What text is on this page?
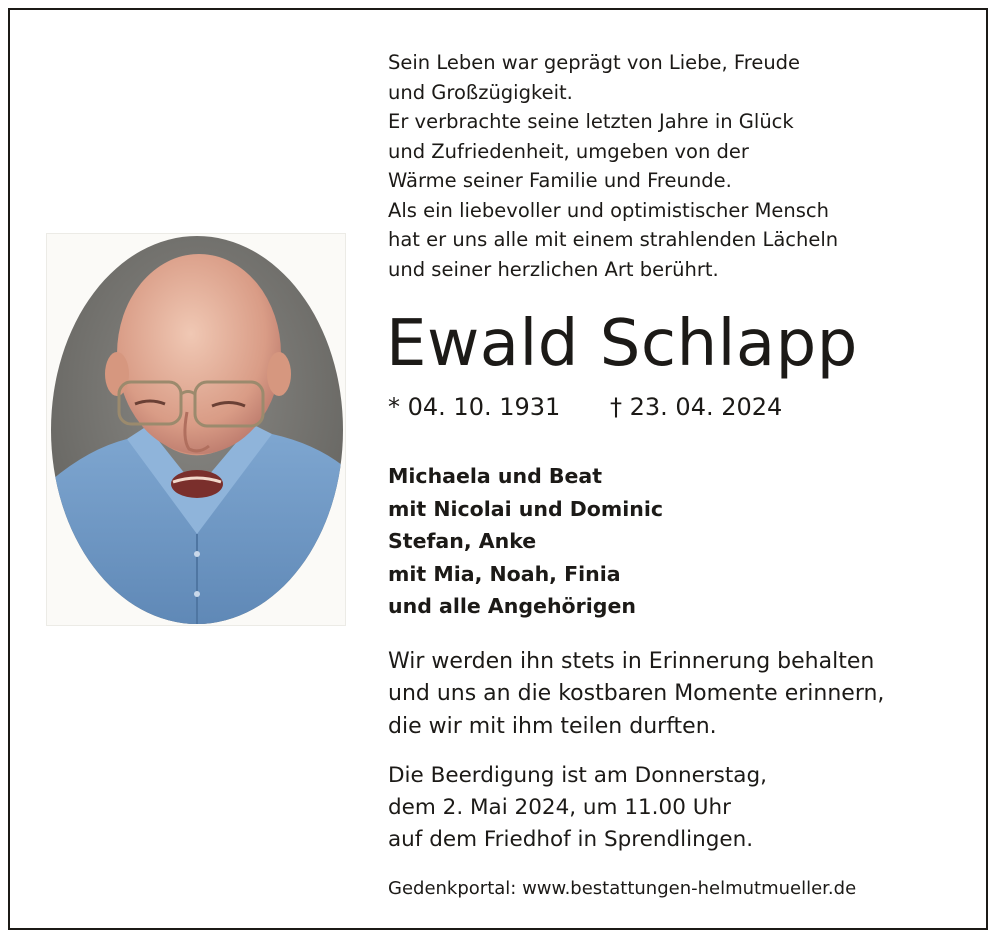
Sein Leben war geprägt von Liebe, Freude

und Großzügigkeit.

Er verbrachte seine letzten Jahre in Glück

und Zufriedenheit, umgeben von der

Wärme seiner Familie und Freunde.

Als ein liebevoller und optimistischer Mensch

hat er uns alle mit einem strahlenden Lächeln

und seiner herzlichen Art berührt.

Ewald Schlapp
* 04. 10. 1931	† 23. 04. 2024

Michaela und Beat

mit Nicolai und Dominic

Stefan, Anke

mit Mia, Noah, Finia

und alle Angehörigen

Wir werden ihn stets in Erinnerung behalten

und uns an die kostbaren Momente erinnern,

die wir mit ihm teilen durften.

Die Beerdigung ist am Donnerstag,

dem 2. Mai 2024, um 11.00 Uhr

auf dem Friedhof in Sprendlingen.

Gedenkportal: www.bestattungen-helmutmueller.de
